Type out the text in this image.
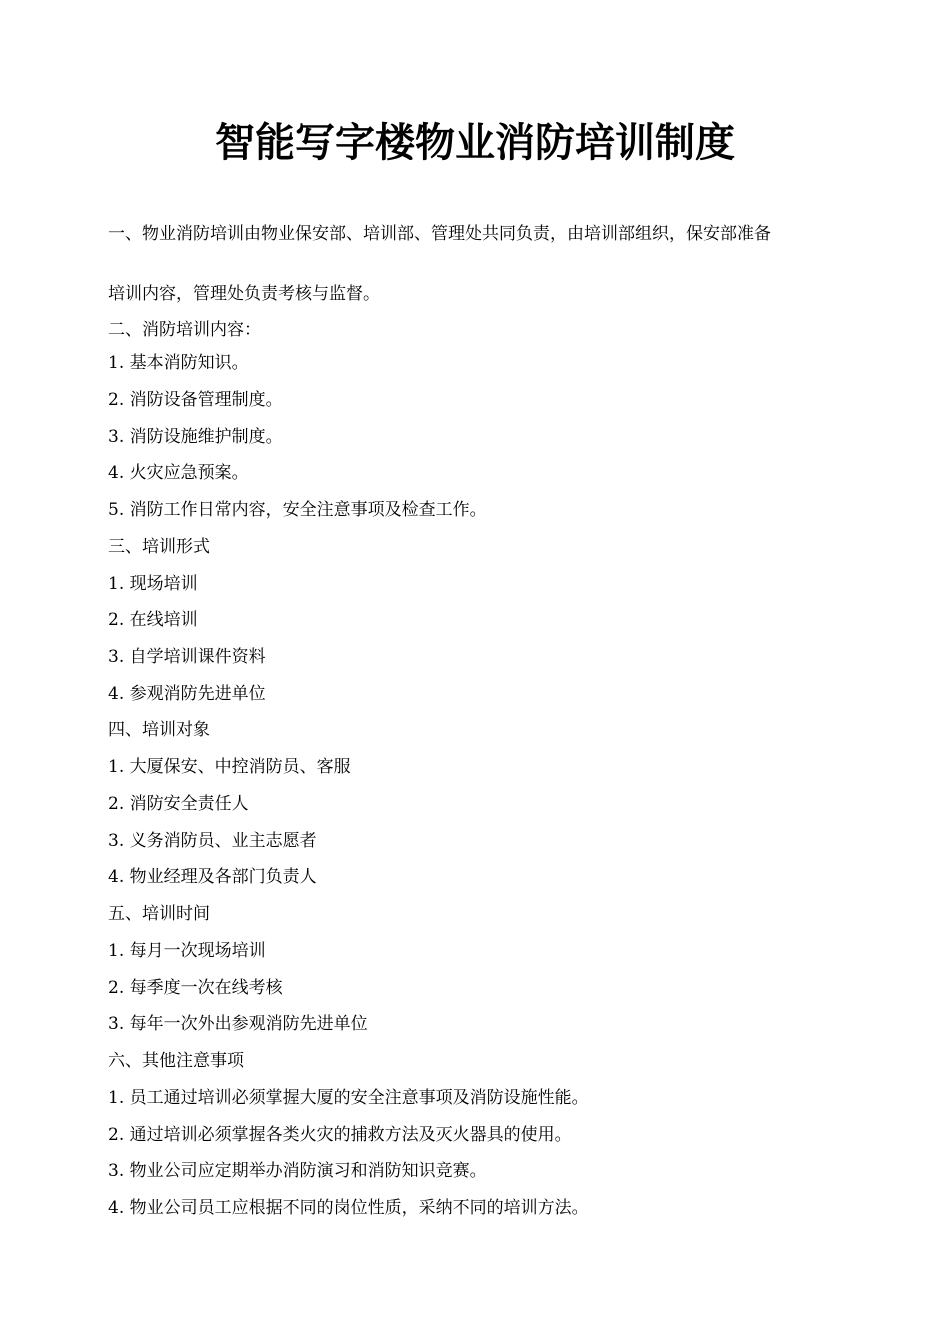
智能写字楼物业消防培训制度
一、物业消防培训由物业保安部、培训部、管理处共同负责，由培训部组织，保安部准备
培训内容，管理处负责考核与监督。
二、消防培训内容：
1. 基本消防知识。
2. 消防设备管理制度。
3. 消防设施维护制度。
4. 火灾应急预案。
5. 消防工作日常内容，安全注意事项及检查工作。
三、培训形式
1. 现场培训
2. 在线培训
3. 自学培训课件资料
4. 参观消防先进单位
四、培训对象
1. 大厦保安、中控消防员、客服
2. 消防安全责任人
3. 义务消防员、业主志愿者
4. 物业经理及各部门负责人
五、培训时间
1. 每月一次现场培训
2. 每季度一次在线考核
3. 每年一次外出参观消防先进单位
六、其他注意事项
1. 员工通过培训必须掌握大厦的安全注意事项及消防设施性能。
2. 通过培训必须掌握各类火灾的捕救方法及灭火器具的使用。
3. 物业公司应定期举办消防演习和消防知识竞赛。
4. 物业公司员工应根据不同的岗位性质，采纳不同的培训方法。
